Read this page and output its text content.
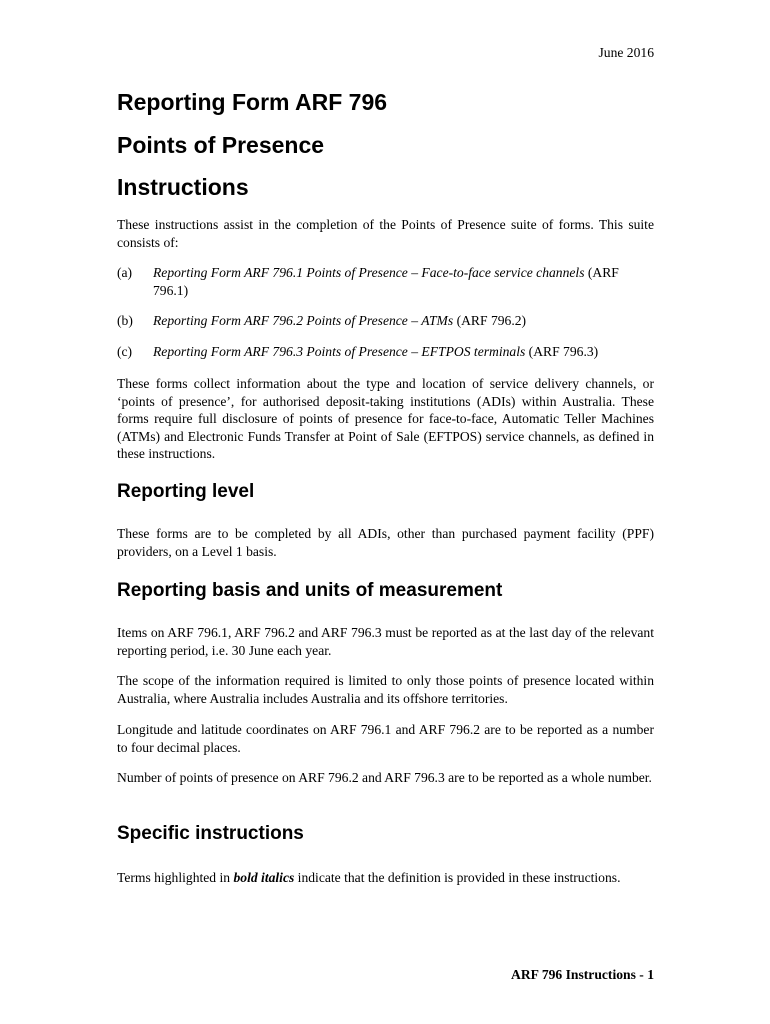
June 2016
Reporting Form ARF 796
Points of Presence
Instructions
These instructions assist in the completion of the Points of Presence suite of forms. This suite consists of:
(a)	Reporting Form ARF 796.1 Points of Presence – Face-to-face service channels (ARF 796.1)
(b)	Reporting Form ARF 796.2 Points of Presence – ATMs (ARF 796.2)
(c)	Reporting Form ARF 796.3 Points of Presence – EFTPOS terminals (ARF 796.3)
These forms collect information about the type and location of service delivery channels, or ‘points of presence’, for authorised deposit-taking institutions (ADIs) within Australia. These forms require full disclosure of points of presence for face-to-face, Automatic Teller Machines (ATMs) and Electronic Funds Transfer at Point of Sale (EFTPOS) service channels, as defined in these instructions.
Reporting level
These forms are to be completed by all ADIs, other than purchased payment facility (PPF) providers, on a Level 1 basis.
Reporting basis and units of measurement
Items on ARF 796.1, ARF 796.2 and ARF 796.3 must be reported as at the last day of the relevant reporting period, i.e. 30 June each year.
The scope of the information required is limited to only those points of presence located within Australia, where Australia includes Australia and its offshore territories.
Longitude and latitude coordinates on ARF 796.1 and ARF 796.2 are to be reported as a number to four decimal places.
Number of points of presence on ARF 796.2 and ARF 796.3 are to be reported as a whole number.
Specific instructions
Terms highlighted in bold italics indicate that the definition is provided in these instructions.
ARF 796 Instructions - 1
